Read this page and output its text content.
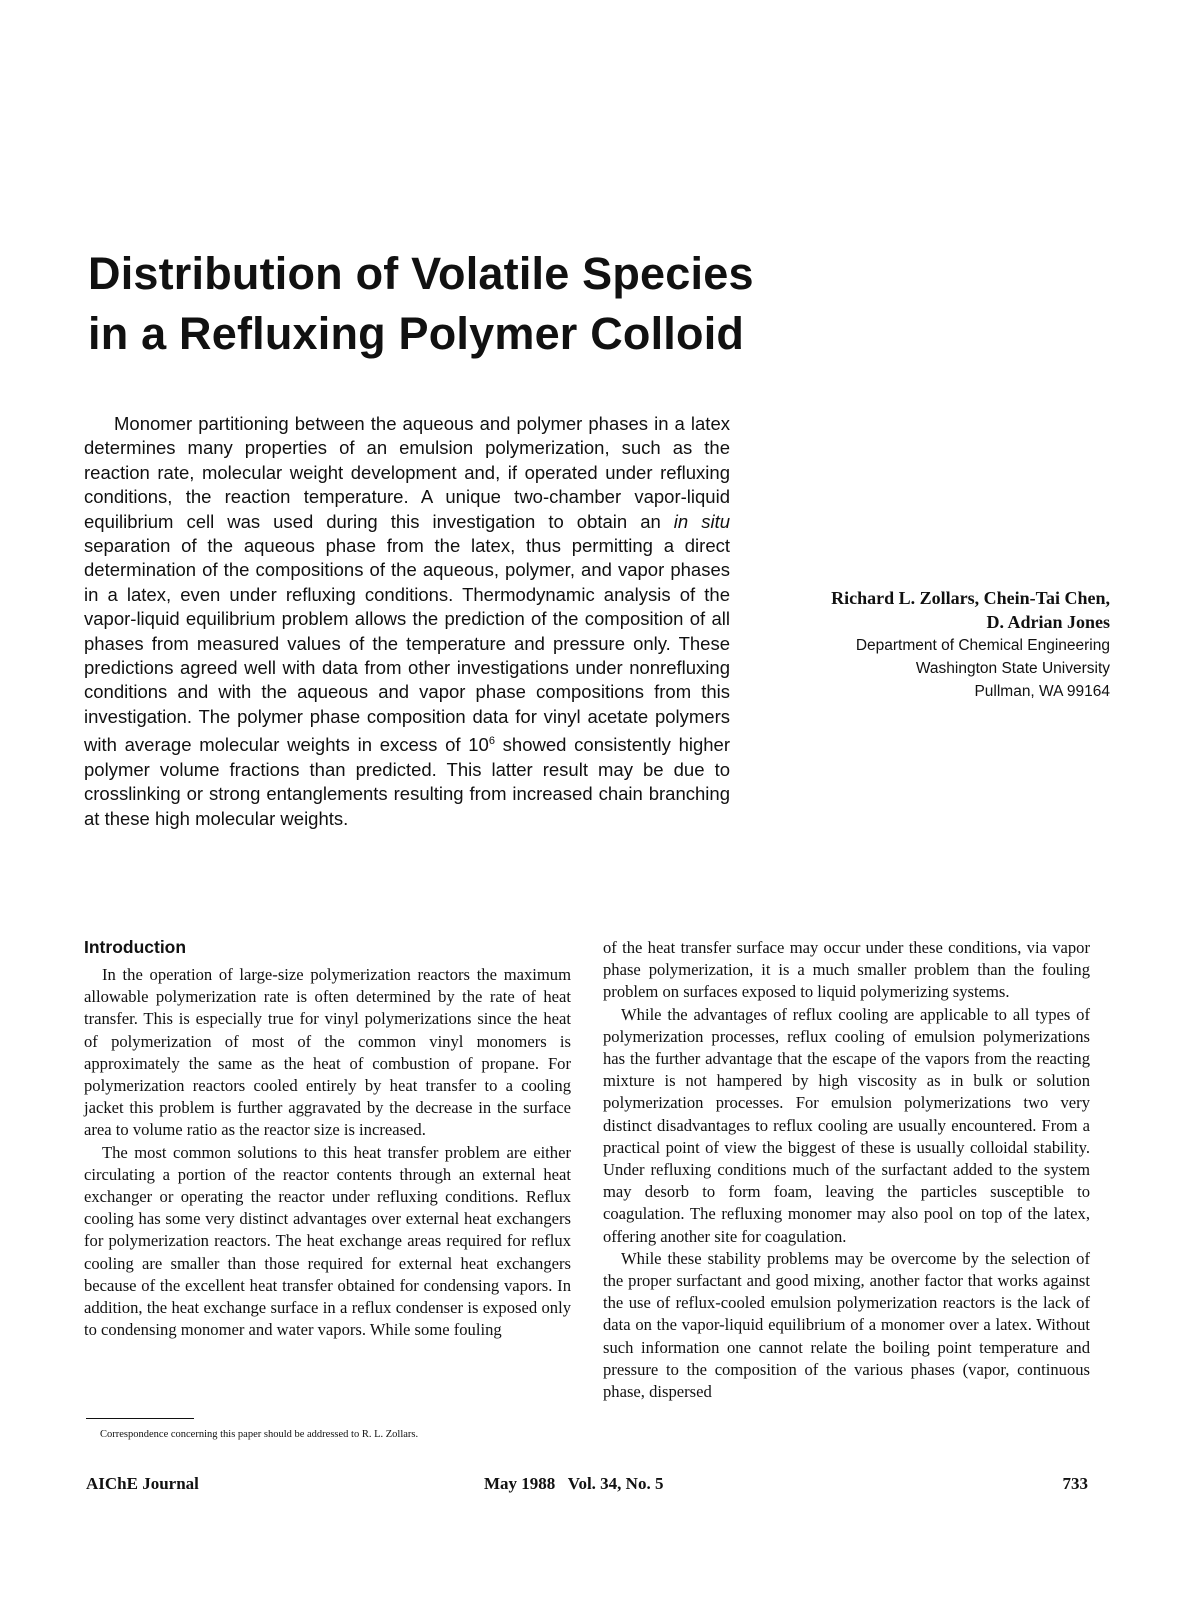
Distribution of Volatile Species
in a Refluxing Polymer Colloid

Monomer partitioning between the aqueous and polymer phases in a latex determines many properties of an emulsion polymerization, such as the reaction rate, molecular weight development and, if operated under refluxing conditions, the reaction temperature. A unique two-chamber vapor-liquid equilibrium cell was used during this investigation to obtain an in situ separation of the aqueous phase from the latex, thus permitting a direct determination of the compositions of the aqueous, polymer, and vapor phases in a latex, even under refluxing conditions. Thermodynamic analysis of the vapor-liquid equilibrium problem allows the prediction of the composition of all phases from measured values of the temperature and pressure only. These predictions agreed well with data from other investigations under nonrefluxing conditions and with the aqueous and vapor phase compositions from this investigation. The polymer phase composition data for vinyl acetate polymers with average molecular weights in excess of $10^6$ showed consistently higher polymer volume fractions than predicted. This latter result may be due to crosslinking or strong entanglements resulting from increased chain branching at these high molecular weights.

Richard L. Zollars, Chein-Tai Chen,
D. Adrian Jones
Department of Chemical Engineering
Washington State University
Pullman, WA 99164
Introduction

In the operation of large-size polymerization reactors the maximum allowable polymerization rate is often determined by the rate of heat transfer. This is especially true for vinyl polymerizations since the heat of polymerization of most of the common vinyl monomers is approximately the same as the heat of combustion of propane. For polymerization reactors cooled entirely by heat transfer to a cooling jacket this problem is further aggravated by the decrease in the surface area to volume ratio as the reactor size is increased.

The most common solutions to this heat transfer problem are either circulating a portion of the reactor contents through an external heat exchanger or operating the reactor under refluxing conditions. Reflux cooling has some very distinct advantages over external heat exchangers for polymerization reactors. The heat exchange areas required for reflux cooling are smaller than those required for external heat exchangers because of the excellent heat transfer obtained for condensing vapors. In addition, the heat exchange surface in a reflux condenser is exposed only to condensing monomer and water vapors. While some fouling

of the heat transfer surface may occur under these conditions, via vapor phase polymerization, it is a much smaller problem than the fouling problem on surfaces exposed to liquid polymerizing systems.

While the advantages of reflux cooling are applicable to all types of polymerization processes, reflux cooling of emulsion polymerizations has the further advantage that the escape of the vapors from the reacting mixture is not hampered by high viscosity as in bulk or solution polymerization processes. For emulsion polymerizations two very distinct disadvantages to reflux cooling are usually encountered. From a practical point of view the biggest of these is usually colloidal stability. Under refluxing conditions much of the surfactant added to the system may desorb to form foam, leaving the particles susceptible to coagulation. The refluxing monomer may also pool on top of the latex, offering another site for coagulation.

While these stability problems may be overcome by the selection of the proper surfactant and good mixing, another factor that works against the use of reflux-cooled emulsion polymerization reactors is the lack of data on the vapor-liquid equilibrium of a monomer over a latex. Without such information one cannot relate the boiling point temperature and pressure to the composition of the various phases (vapor, continuous phase, dispersed

Correspondence concerning this paper should be addressed to R. L. Zollars.
AIChE Journal	May 1988   Vol. 34, No. 5	733
